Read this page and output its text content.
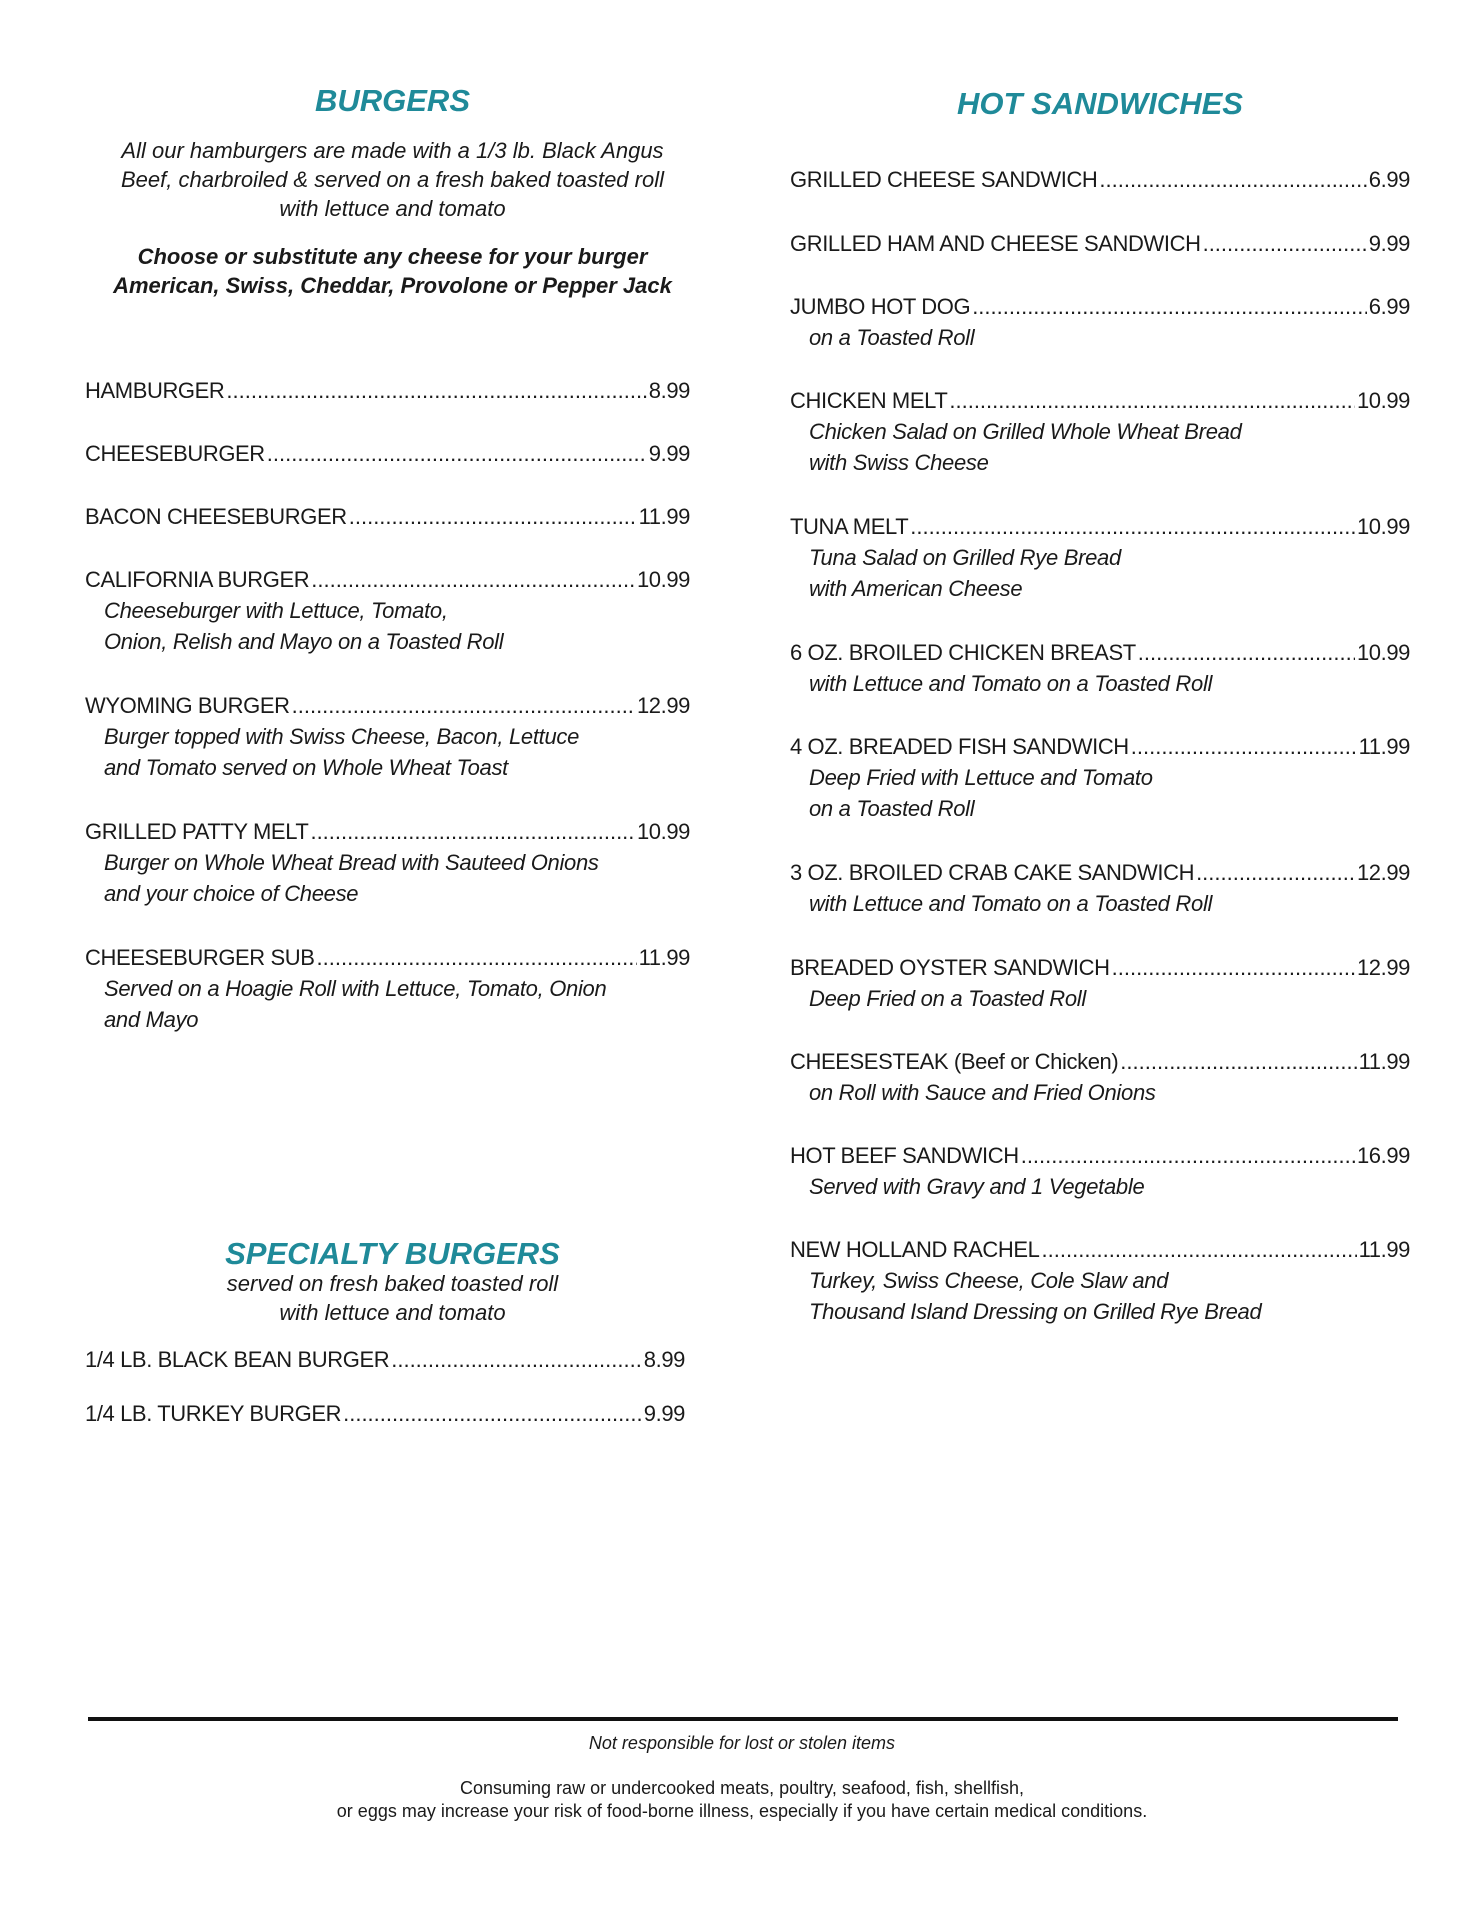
BURGERS

All our hamburgers are made with a 1/3 lb. Black Angus

Beef, charbroiled & served on a fresh baked toasted roll

with lettuce and tomato

Choose or substitute any cheese for your burger

American, Swiss, Cheddar, Provolone or Pepper Jack

HAMBURGER .....	8.99
CHEESEBURGER .....	9.99
BACON CHEESEBURGER .....	11.99
CALIFORNIA BURGER .....	10.99
Cheeseburger with Lettuce, Tomato,
Onion, Relish and Mayo on a Toasted Roll
WYOMING BURGER .....	12.99
Burger topped with Swiss Cheese, Bacon, Lettuce
and Tomato served on Whole Wheat Toast
GRILLED PATTY MELT .....	10.99
Burger on Whole Wheat Bread with Sauteed Onions
and your choice of Cheese
CHEESEBURGER SUB .....	11.99
Served on a Hoagie Roll with Lettuce, Tomato, Onion
and Mayo
SPECIALTY BURGERS

served on fresh baked toasted roll

with lettuce and tomato

1/4 LB. BLACK BEAN BURGER .....	8.99
1/4 LB. TURKEY BURGER .....	9.99
HOT SANDWICHES
GRILLED CHEESE SANDWICH .....	6.99
GRILLED HAM AND CHEESE SANDWICH .....	9.99
JUMBO HOT DOG .....	6.99
on a Toasted Roll
CHICKEN MELT .....	10.99
Chicken Salad on Grilled Whole Wheat Bread
with Swiss Cheese
TUNA MELT .....	10.99
Tuna Salad on Grilled Rye Bread
with American Cheese
6 OZ. BROILED CHICKEN BREAST .....	10.99
with Lettuce and Tomato on a Toasted Roll
4 OZ. BREADED FISH SANDWICH .....	11.99
Deep Fried with Lettuce and Tomato
on a Toasted Roll
3 OZ. BROILED CRAB CAKE SANDWICH .....	12.99
with Lettuce and Tomato on a Toasted Roll
BREADED OYSTER SANDWICH .....	12.99
Deep Fried on a Toasted Roll
CHEESESTEAK (Beef or Chicken) .....	11.99
on Roll with Sauce and Fried Onions
HOT BEEF SANDWICH .....	16.99
Served with Gravy and 1 Vegetable
NEW HOLLAND RACHEL .....	11.99
Turkey, Swiss Cheese, Cole Slaw and
Thousand Island Dressing on Grilled Rye Bread
Not responsible for lost or stolen items
Consuming raw or undercooked meats, poultry, seafood, fish, shellfish,
or eggs may increase your risk of food-borne illness, especially if you have certain medical conditions.
